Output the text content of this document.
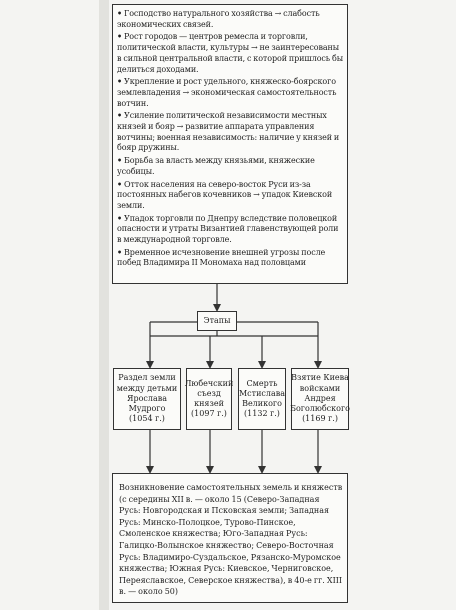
• Господство натурального хозяйства → слабость экономических связей.
• Рост городов — центров ремесла и торговли, политической власти, культуры → не заинтересованы в сильной центральной власти, с которой пришлось бы делиться доходами.
• Укрепление и рост удельного, княжеско-боярского землевладения → экономическая самостоятельность вотчин.
• Усиление политической независимости местных князей и бояр → развитие аппарата управления вотчины; военная независимость: наличие у князей и бояр дружины.
• Борьба за власть между князьями, княжеские усобицы.
• Отток населения на северо-восток Руси из-за постоянных набегов кочевников → упадок Киевской земли.
• Упадок торговли по Днепру вследствие половецкой опасности и утраты Византией главенствующей роли в международной торговле.
• Временное исчезновение внешней угрозы после побед Владимира II Мономаха над половцами
Этапы
Раздел земли между детьми Ярослава Мудрого (1054 г.)
Любечский съезд князей (1097 г.)
Смерть Мстислава Великого (1132 г.)
Взятие Киева войсками Андрея Боголюбского (1169 г.)
Возникновение самостоятельных земель и княжеств (с середины XII в. — около 15 (Северо-Западная Русь: Новгородская и Псковская земли; Западная Русь: Минско-Полоцкое, Турово-Пинское, Смоленское княжества; Юго-Западная Русь: Галицко-Волынское княжество; Северо-Восточная Русь: Владимиро-Суздальское, Рязанско-Муромское княжества; Южная Русь: Киевское, Черниговское, Переяславское, Северское княжества), в 40-е гг. XIII в. — около 50)
